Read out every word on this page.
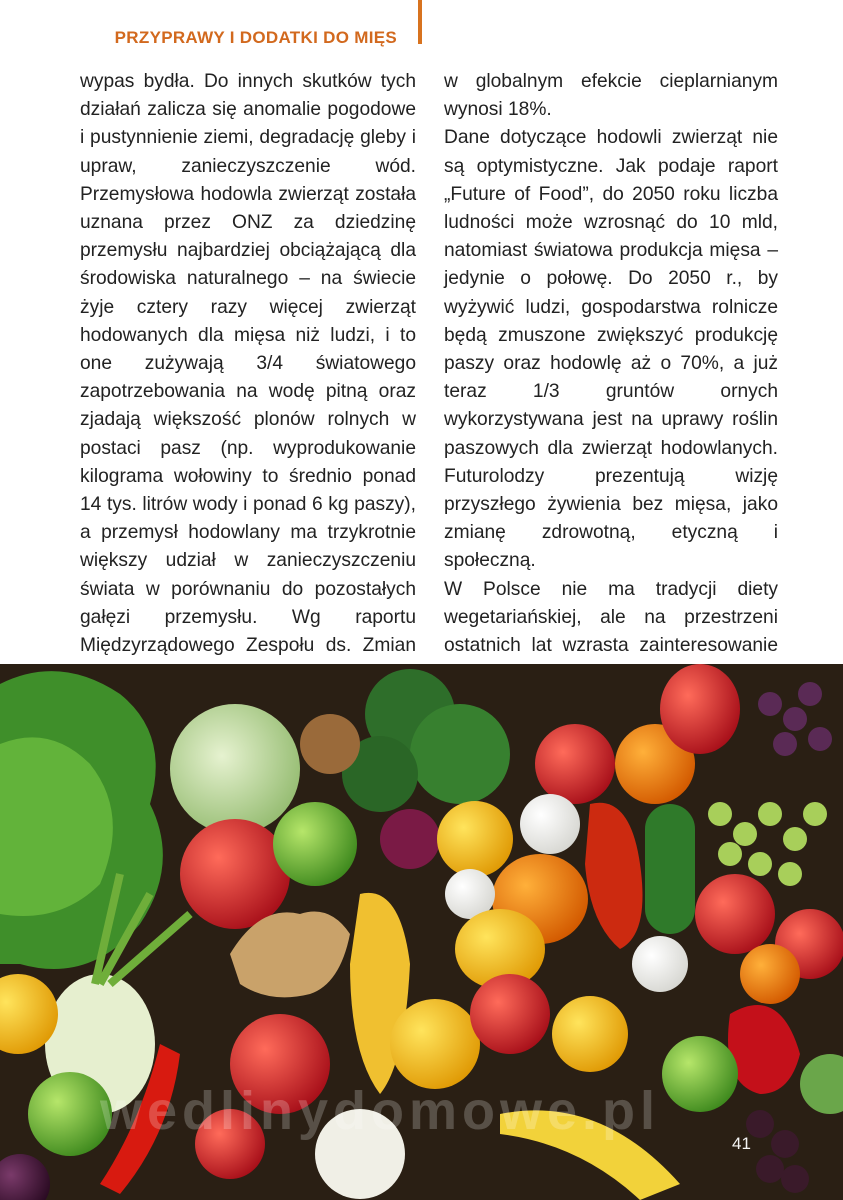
PRZYPRAWY I DODATKI DO MIĘS

wypas bydła. Do innych skutków tych działań zalicza się anomalie pogodowe i pustynnienie ziemi, degradację gleby i upraw, zanieczyszczenie wód. Przemysłowa hodowla zwierząt została uznana przez ONZ za dziedzinę przemysłu najbardziej obciążającą dla środowiska naturalnego – na świecie żyje cztery razy więcej zwierząt hodowanych dla mięsa niż ludzi, i to one zużywają 3/4 światowego zapotrzebowania na wodę pitną oraz zjadają większość plonów rolnych w postaci pasz (np. wyprodukowanie kilograma wołowiny to średnio ponad 14 tys. litrów wody i ponad 6 kg paszy), a przemysł hodowlany ma trzykrotnie większy udział w zanieczyszczeniu świata w porównaniu do pozostałych gałęzi przemysłu. Wg raportu Międzyrządowego Zespołu ds. Zmian

w globalnym efekcie cieplarnianym wynosi 18%.

Dane dotyczące hodowli zwierząt nie są optymistyczne. Jak podaje raport „Future of Food”, do 2050 roku liczba ludności może wzrosnąć do 10 mld, natomiast światowa produkcja mięsa – jedynie o połowę. Do 2050 r., by wyżywić ludzi, gospodarstwa rolnicze będą zmuszone zwiększyć produkcję paszy oraz hodowlę aż o 70%, a już teraz 1/3 gruntów ornych wykorzystywana jest na uprawy roślin paszowych dla zwierząt hodowlanych. Futurolodzy prezentują wizję przyszłego żywienia bez mięsa, jako zmianę zdrowotną, etyczną i społeczną.

W Polsce nie ma tradycji diety wegetariańskiej, ale na przestrzeni ostatnich lat wzrasta zainteresowanie

wedlinydomowe.pl
41
